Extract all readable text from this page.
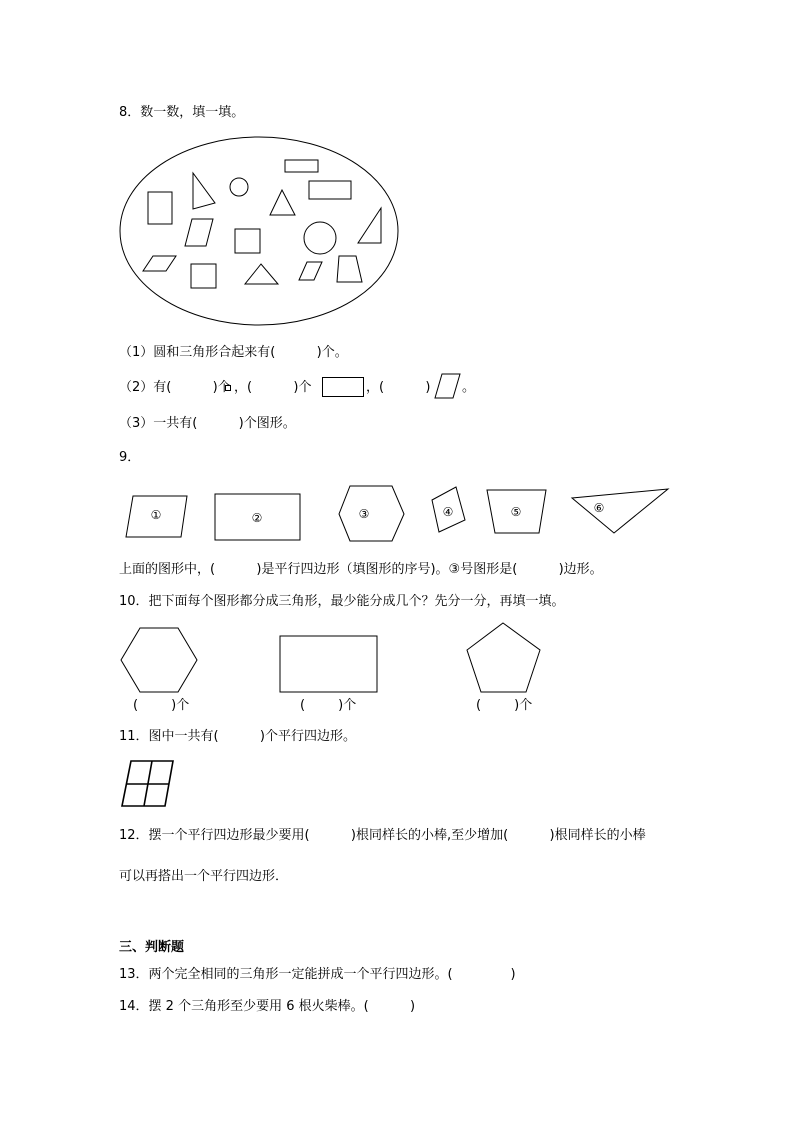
8．数一数，填一填。
（1）圆和三角形合起来有(          )个。
（2）有(          )个 ，(          )个	，(          ) 。
（3）一共有(          )个图形。
9．
①	②	③	④	⑤	⑥
上面的图形中，(          )是平行四边形（填图形的序号)。③号图形是(          )边形。
10．把下面每个图形都分成三角形，最少能分成几个？先分一分，再填一填。
(        )个	(        )个	(        )个
11．图中一共有(          )个平行四边形。
12．摆一个平行四边形最少要用(          )根同样长的小棒,至少增加(          )根同样长的小棒
可以再搭出一个平行四边形．
三、判断题
13．两个完全相同的三角形一定能拼成一个平行四边形。(              )
14．摆 2 个三角形至少要用 6 根火柴棒。(          )
